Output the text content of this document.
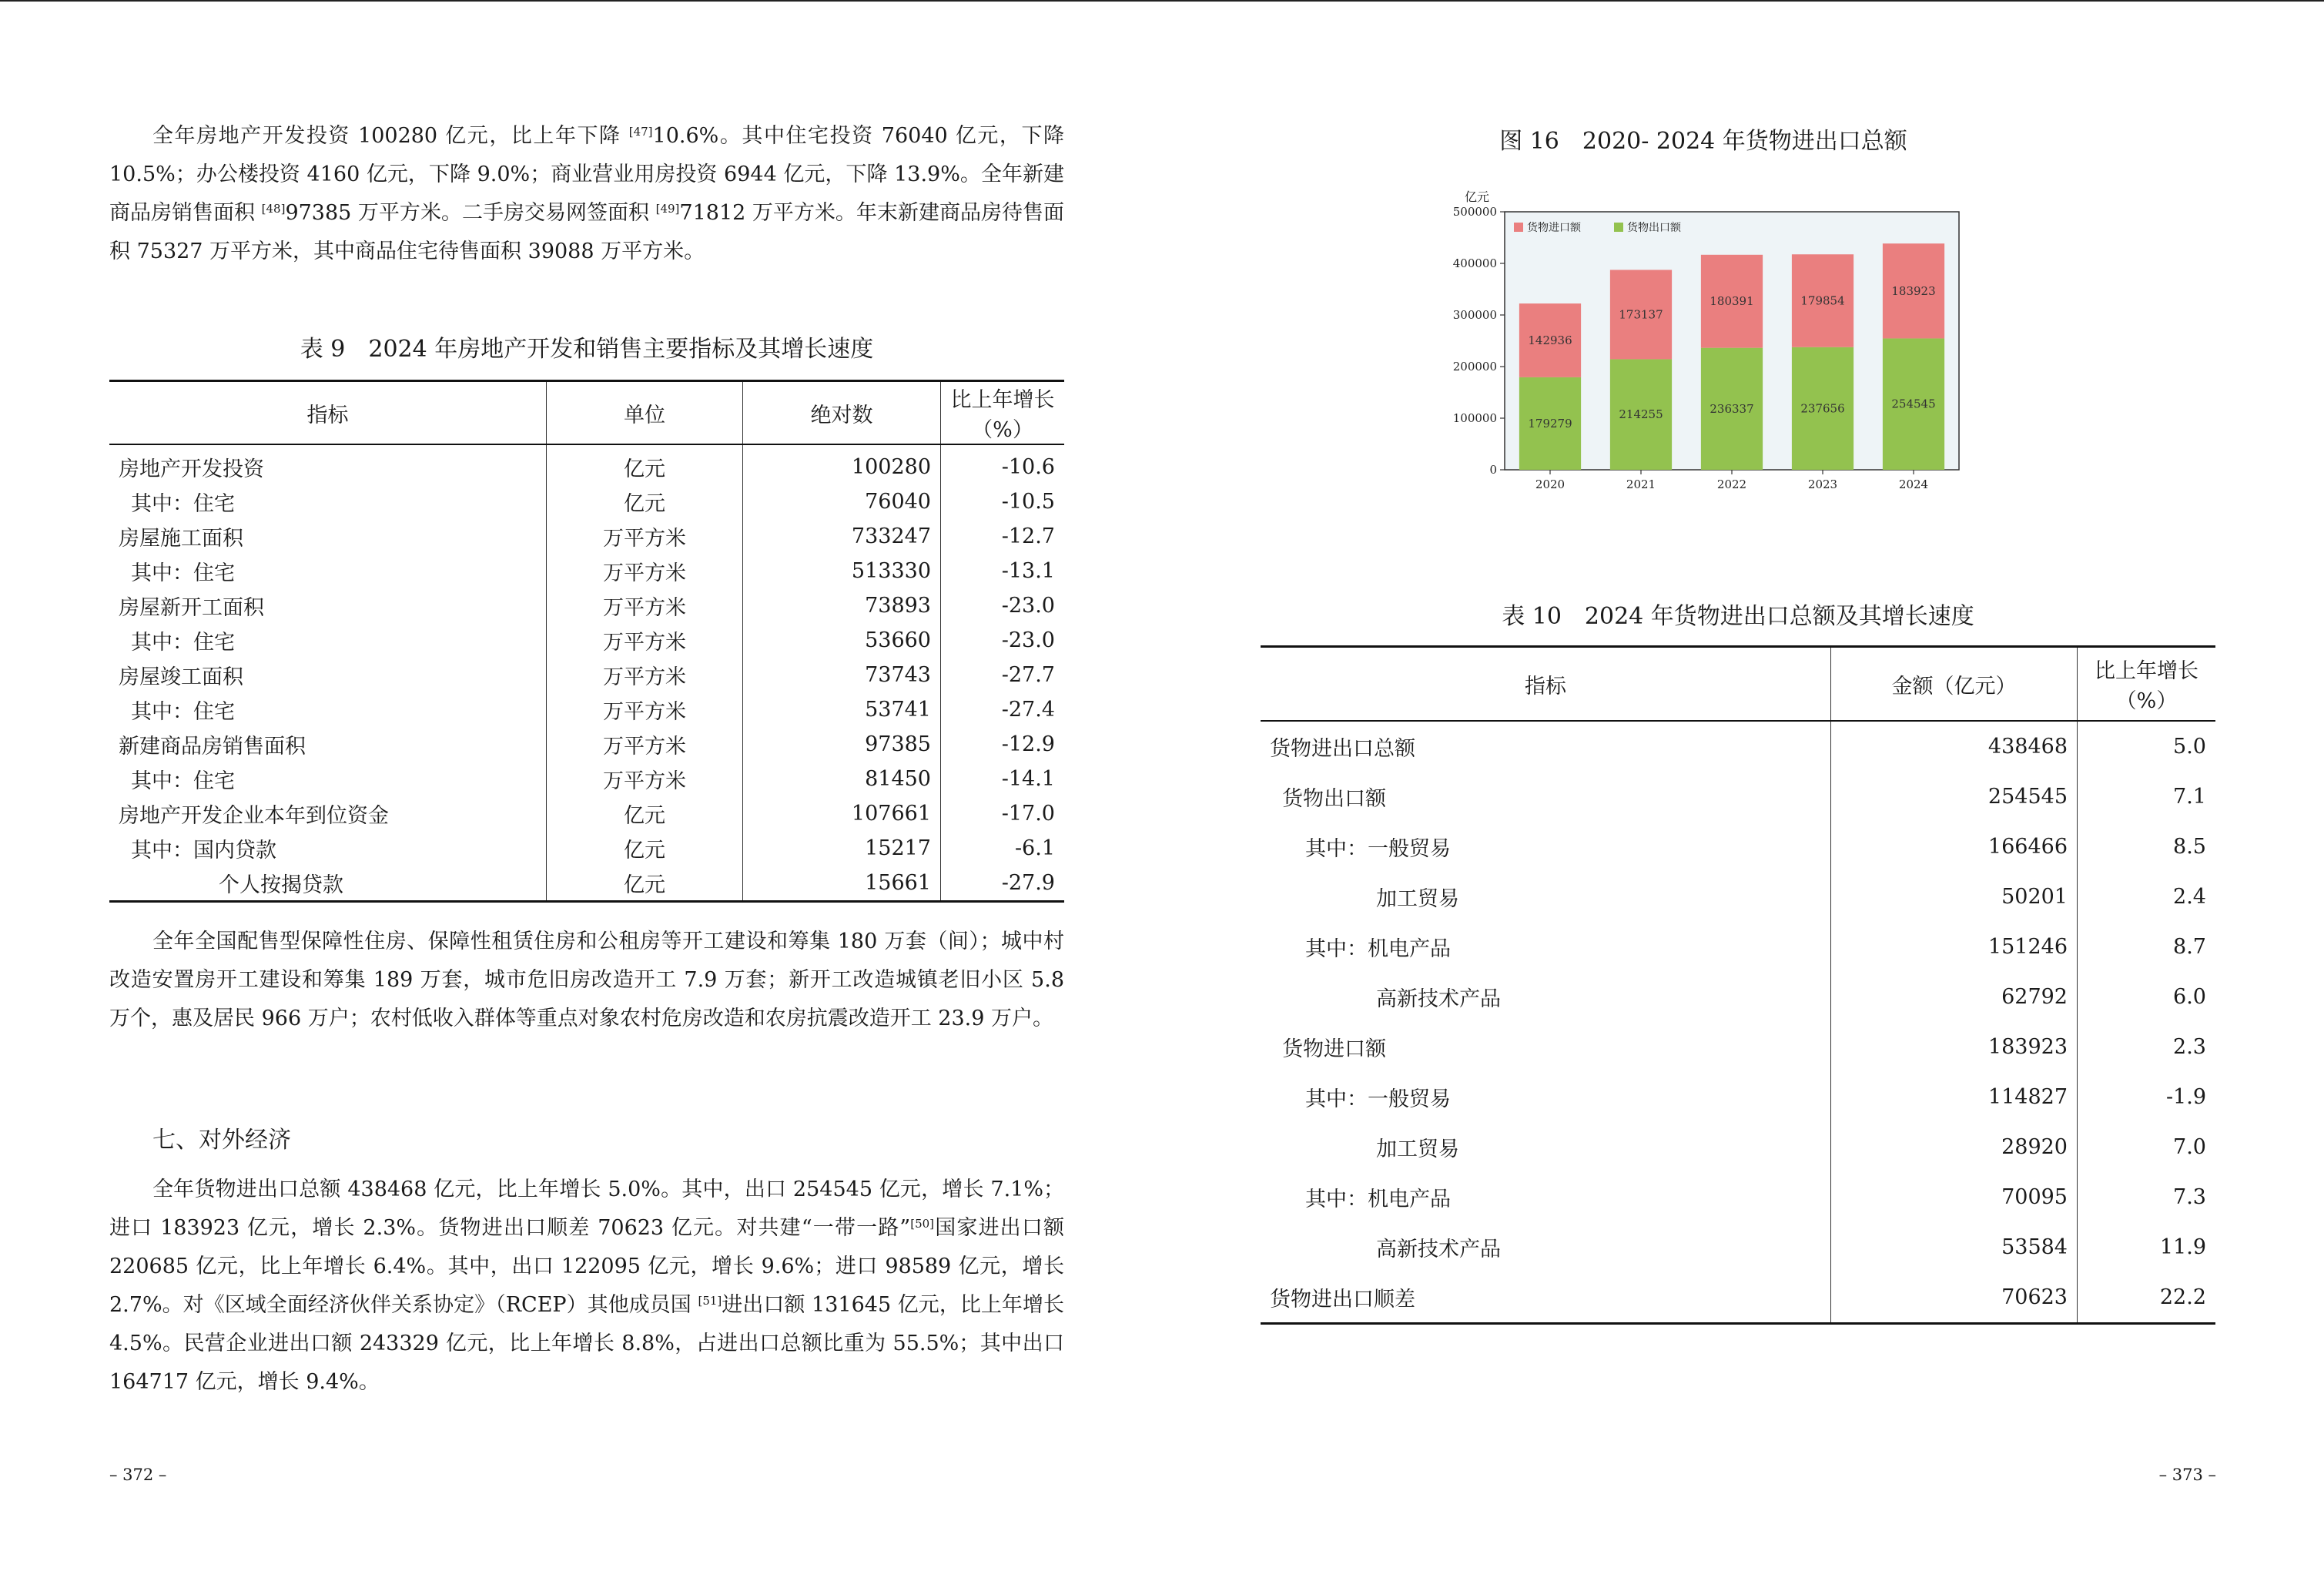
全年房地产开发投资 100280 亿元，比上年下降 [47]10.6%。其中住宅投资 76040 亿元，下降 10.5%；办公楼投资 4160 亿元，下降 9.0%；商业营业用房投资 6944 亿元，下降 13.9%。全年新建商品房销售面积 [48]97385 万平方米。二手房交易网签面积 [49]71812 万平方米。年末新建商品房待售面积 75327 万平方米，其中商品住宅待售面积 39088 万平方米。

表 9　2024 年房地产开发和销售主要指标及其增长速度
指标	单位	绝对数	比上年增长（%）
房地产开发投资	亿元	100280	-10.6
其中：住宅	亿元	76040	-10.5
房屋施工面积	万平方米	733247	-12.7
其中：住宅	万平方米	513330	-13.1
房屋新开工面积	万平方米	73893	-23.0
其中：住宅	万平方米	53660	-23.0
房屋竣工面积	万平方米	73743	-27.7
其中：住宅	万平方米	53741	-27.4
新建商品房销售面积	万平方米	97385	-12.9
其中：住宅	万平方米	81450	-14.1
房地产开发企业本年到位资金	亿元	107661	-17.0
其中：国内贷款	亿元	15217	-6.1
个人按揭贷款	亿元	15661	-27.9

全年全国配售型保障性住房、保障性租赁住房和公租房等开工建设和筹集 180 万套（间）；城中村改造安置房开工建设和筹集 189 万套，城市危旧房改造开工 7.9 万套；新开工改造城镇老旧小区 5.8 万个，惠及居民 966 万户；农村低收入群体等重点对象农村危房改造和农房抗震改造开工 23.9 万户。

七、对外经济

全年货物进出口总额 438468 亿元，比上年增长 5.0%。其中，出口 254545 亿元，增长 7.1%；进口 183923 亿元，增长 2.3%。货物进出口顺差 70623 亿元。对共建“一带一路”[50]国家进出口额 220685 亿元，比上年增长 6.4%。其中，出口 122095 亿元，增长 9.6%；进口 98589 亿元，增长 2.7%。对《区域全面经济伙伴关系协定》（RCEP）其他成员国 [51]进出口额 131645 亿元，比上年增长 4.5%。民营企业进出口额 243329 亿元，比上年增长 8.8%，占进出口总额比重为 55.5%；其中出口 164717 亿元，增长 9.4%。

– 372 –
图 16　2020- 2024 年货物进出口总额
亿元
0
100000
200000
300000
400000
500000
179279
142936
2020
214255
173137
2021
236337
180391
2022
237656
179854
2023
254545
183923
2024
货物进口额	货物出口额
表 10　2024 年货物进出口总额及其增长速度
指标	金额（亿元）	比上年增长（%）
货物进出口总额	438468	5.0
货物出口额	254545	7.1
其中：一般贸易	166466	8.5
加工贸易	50201	2.4
其中：机电产品	151246	8.7
高新技术产品	62792	6.0
货物进口额	183923	2.3
其中：一般贸易	114827	-1.9
加工贸易	28920	7.0
其中：机电产品	70095	7.3
高新技术产品	53584	11.9
货物进出口顺差	70623	22.2
– 373 –
